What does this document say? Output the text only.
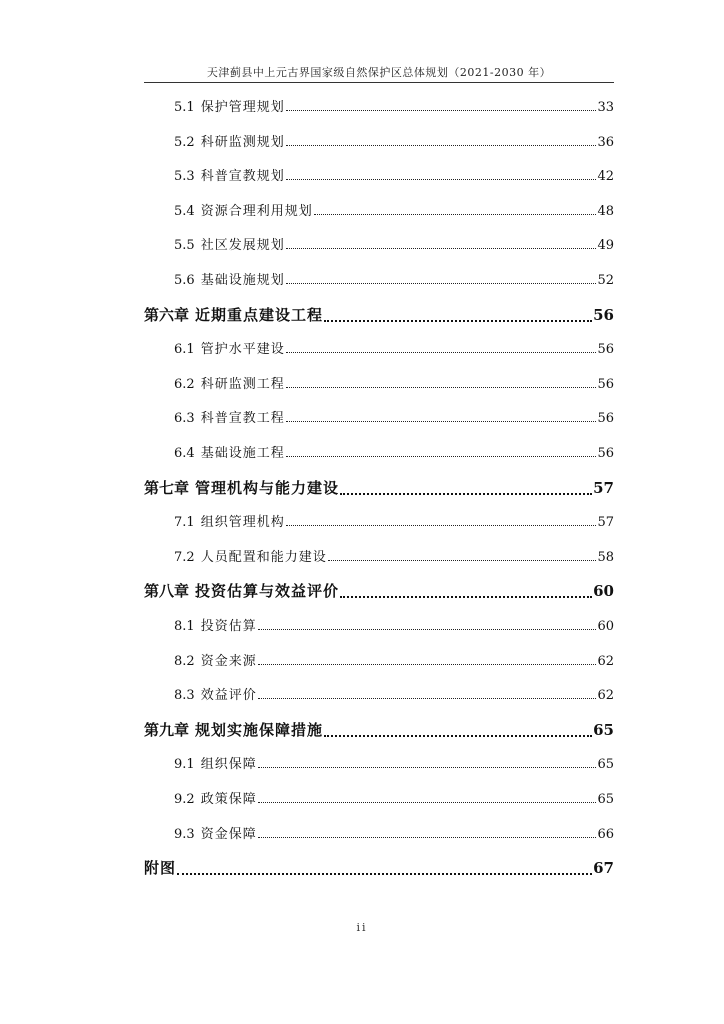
天津蓟县中上元古界国家级自然保护区总体规划（2021-2030 年）
5.1 保护管理规划	33
5.2 科研监测规划	36
5.3 科普宣教规划	42
5.4 资源合理利用规划	48
5.5 社区发展规划	49
5.6 基础设施规划	52
第六章 近期重点建设工程	56
6.1 管护水平建设	56
6.2 科研监测工程	56
6.3 科普宣教工程	56
6.4 基础设施工程	56
第七章 管理机构与能力建设	57
7.1 组织管理机构	57
7.2 人员配置和能力建设	58
第八章 投资估算与效益评价	60
8.1 投资估算	60
8.2 资金来源	62
8.3 效益评价	62
第九章 规划实施保障措施	65
9.1 组织保障	65
9.2 政策保障	65
9.3 资金保障	66
附图	67
ii
